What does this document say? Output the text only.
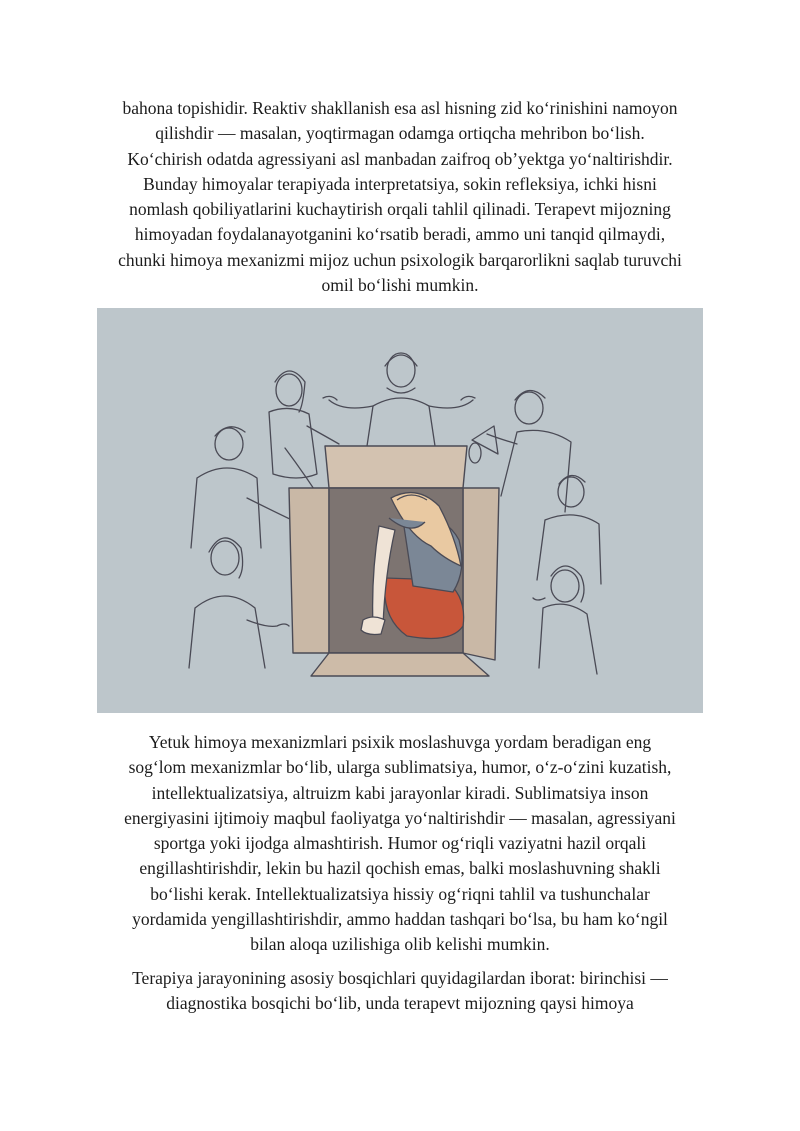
bahona topishidir. Reaktiv shakllanish esa asl hisning zid ko‘rinishini namoyon
qilishdir — masalan, yoqtirmagan odamga ortiqcha mehribon bo‘lish.
Ko‘chirish odatda agressiyani asl manbadan zaifroq ob’yektga yo‘naltirishdir.
Bunday himoyalar terapiyada interpretatsiya, sokin refleksiya, ichki hisni
nomlash qobiliyatlarini kuchaytirish orqali tahlil qilinadi. Terapevt mijozning
himoyadan foydalanayotganini ko‘rsatib beradi, ammo uni tanqid qilmaydi,
chunki himoya mexanizmi mijoz uchun psixologik barqarorlikni saqlab turuvchi
omil bo‘lishi mumkin.
Yetuk himoya mexanizmlari psixik moslashuvga yordam beradigan eng
sog‘lom mexanizmlar bo‘lib, ularga sublimatsiya, humor, o‘z-o‘zini kuzatish,
intellektualizatsiya, altruizm kabi jarayonlar kiradi. Sublimatsiya inson
energiyasini ijtimoiy maqbul faoliyatga yo‘naltirishdir — masalan, agressiyani
sportga yoki ijodga almashtirish. Humor og‘riqli vaziyatni hazil orqali
engillashtirishdir, lekin bu hazil qochish emas, balki moslashuvning shakli
bo‘lishi kerak. Intellektualizatsiya hissiy og‘riqni tahlil va tushunchalar
yordamida yengillashtirishdir, ammo haddan tashqari bo‘lsa, bu ham ko‘ngil
bilan aloqa uzilishiga olib kelishi mumkin.
Terapiya jarayonining asosiy bosqichlari quyidagilardan iborat: birinchisi —
diagnostika bosqichi bo‘lib, unda terapevt mijozning qaysi himoya
